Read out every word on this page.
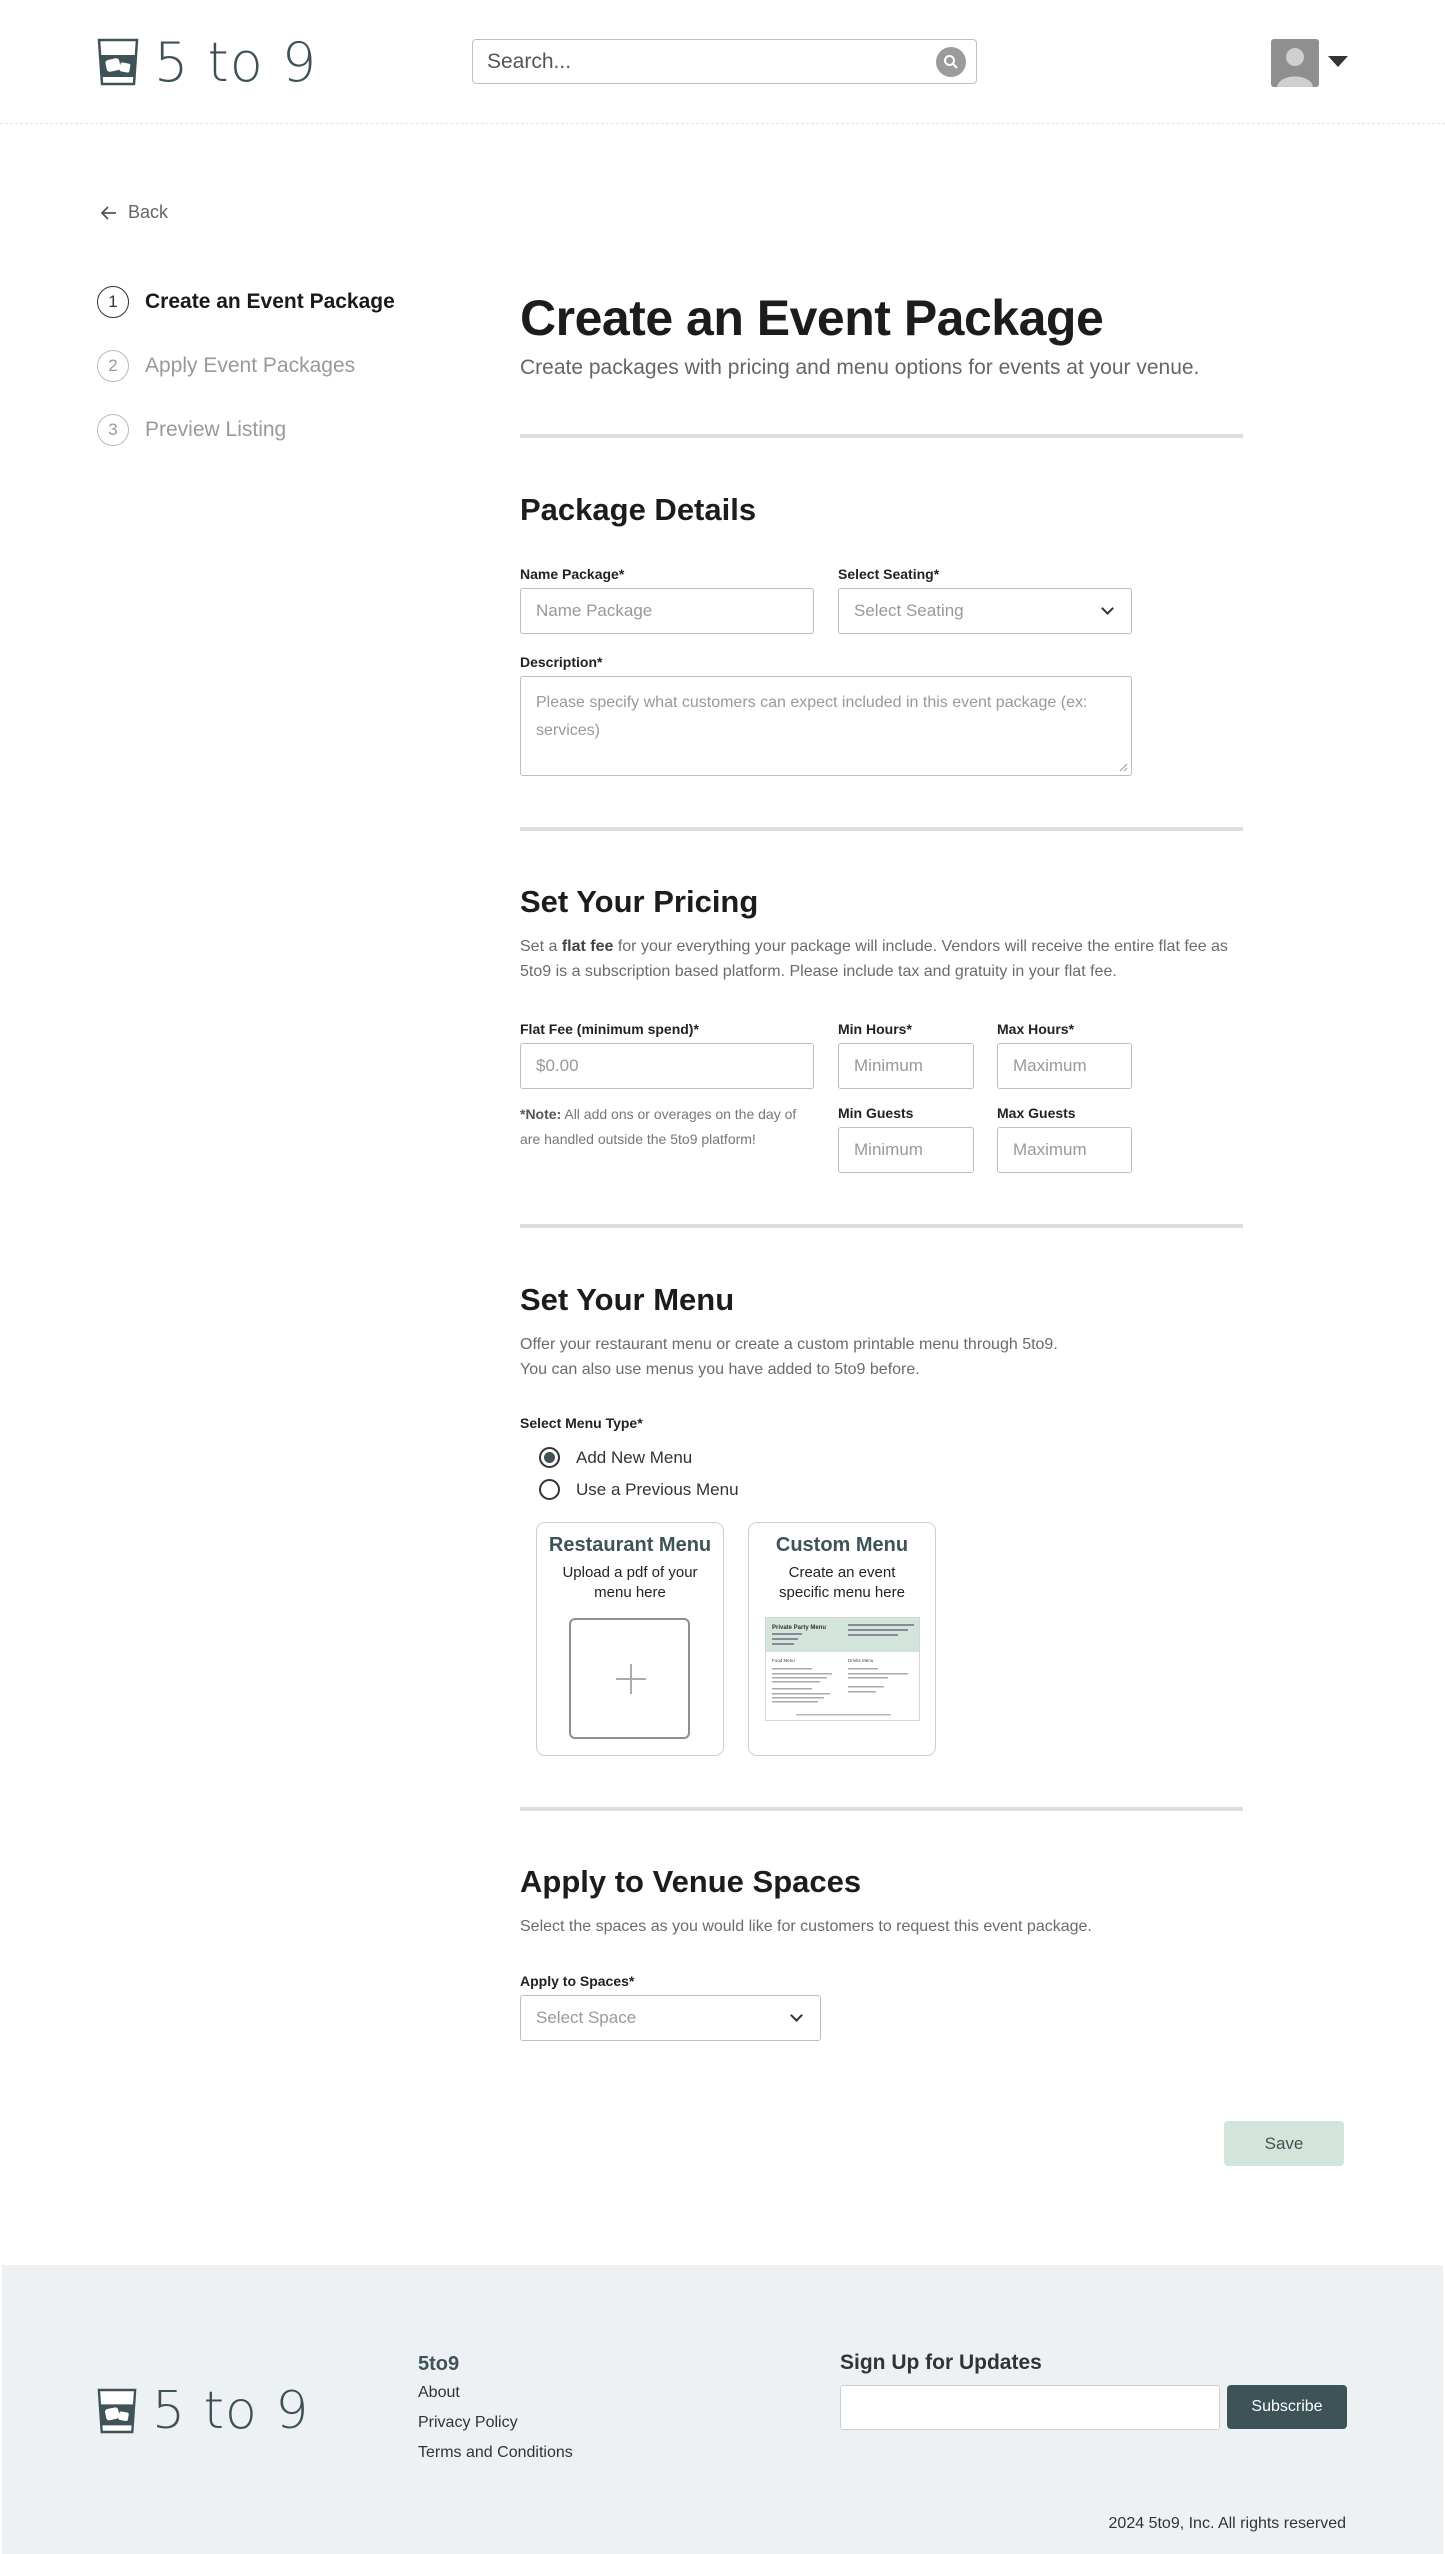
5 to 9
Search...
Back
1	Create an Event Package
2	Apply Event Packages
3	Preview Listing
Create an Event Package

Create packages with pricing and menu options for events at your venue.

Package Details
Name Package*
Name Package
Select Seating*
Select Seating
Description*
Please specify what customers can expect included in this event package (ex: services)
Set Your Pricing

Set a flat fee for your everything your package will include. Vendors will receive the entire flat fee as 5to9 is a subscription based platform. Please include tax and gratuity in your flat fee.

Flat Fee (minimum spend)*
$0.00
Min Hours*
Minimum
Max Hours*
Maximum
*Note: All add ons or overages on the day of are handled outside the 5to9 platform!
Min Guests
Minimum
Max Guests
Maximum
Set Your Menu

Offer your restaurant menu or create a custom printable menu through 5to9.

You can also use menus you have added to 5to9 before.

Select Menu Type*
Add New Menu
Use a Previous Menu
Restaurant Menu
Upload a pdf of your menu here
Custom Menu
Create an event specific menu here
Private Party Menu
Food Menu	Drinks Menu
Apply to Venue Spaces

Select the spaces as you would like for customers to request this event package.

Apply to Spaces*
Select Space
Save
5 to 9
5to9
About
Privacy Policy
Terms and Conditions
Sign Up for Updates
Subscribe
2024 5to9, Inc. All rights reserved
